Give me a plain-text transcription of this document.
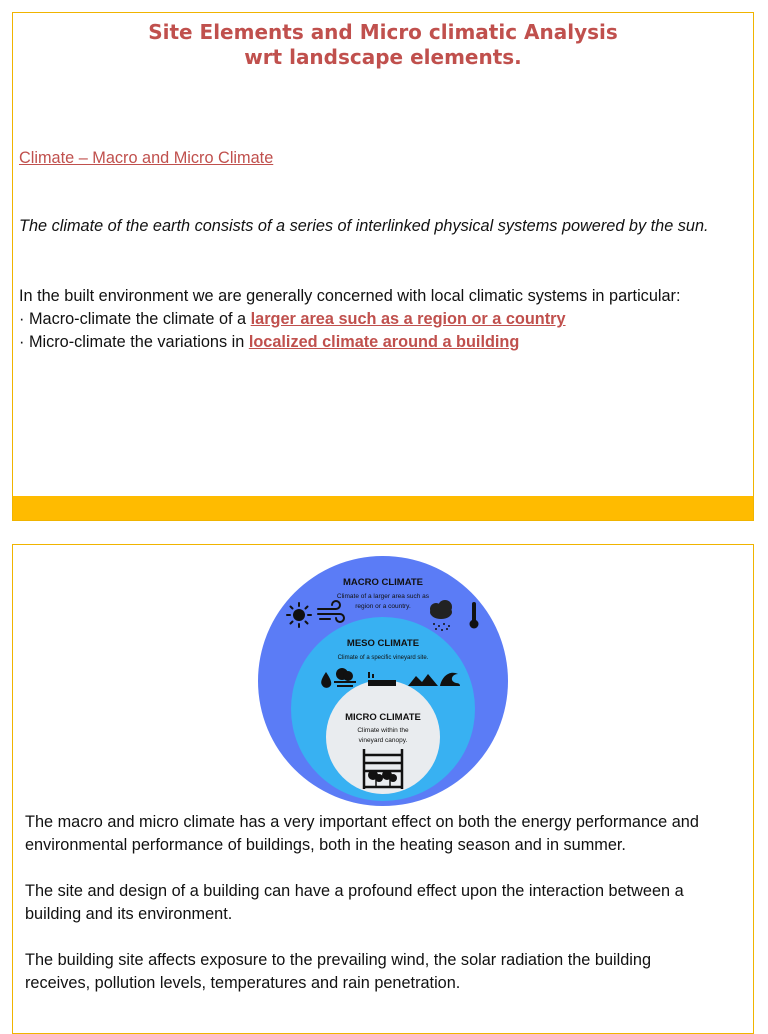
Site Elements and Micro climatic Analysis
wrt landscape elements.
Climate – Macro and Micro Climate
The climate of the earth consists of a series of interlinked physical systems powered by the sun.
In the built environment we are generally concerned with local climatic systems in particular:
· Macro-climate the climate of a larger area such as a region or a country
· Micro-climate the variations in localized climate around a building
MACRO CLIMATE
Climate of a larger area such as
region or a country.
MESO CLIMATE
Climate of a specific vineyard site.
MICRO CLIMATE
Climate within the
vineyard canopy.

The macro and micro climate has a very important effect on both the energy performance and environmental performance of buildings, both in the heating season and in summer.

The site and design of a building can have a profound effect upon the interaction between a building and its environment.

The building site affects exposure to the prevailing wind, the solar radiation the building receives, pollution levels, temperatures and rain penetration.
